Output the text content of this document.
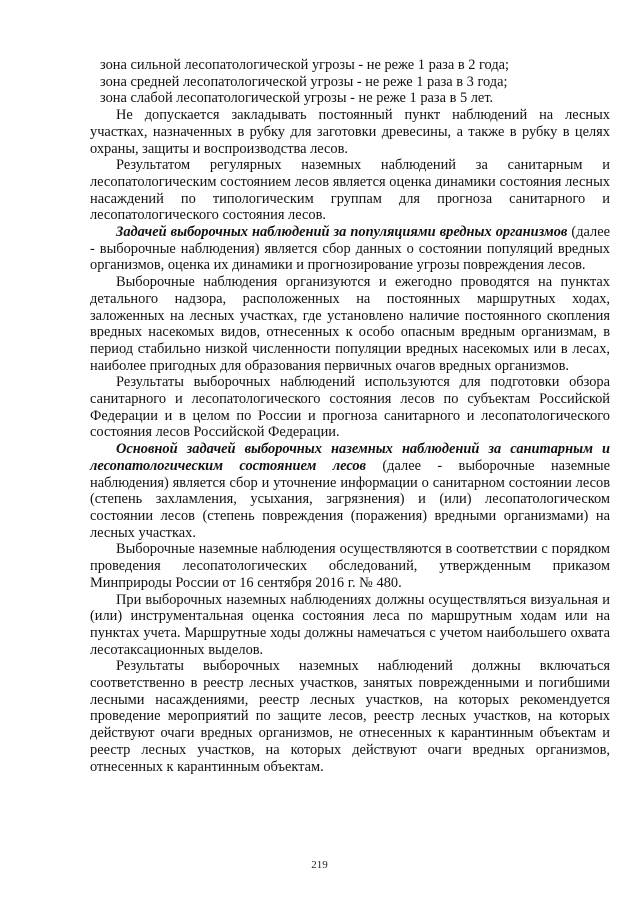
зона сильной лесопатологической угрозы - не реже 1 раза в 2 года;

зона средней лесопатологической угрозы - не реже 1 раза в 3 года;

зона слабой лесопатологической угрозы - не реже 1 раза в 5 лет.

Не допускается закладывать постоянный пункт наблюдений на лесных участках, назначенных в рубку для заготовки древесины, а также в рубку в целях охраны, защиты и воспроизводства лесов.

Результатом регулярных наземных наблюдений за санитарным и лесопатологическим состоянием лесов является оценка динамики состояния лесных насаждений по типологическим группам для прогноза санитарного и лесопатологического состояния лесов.

Задачей выборочных наблюдений за популяциями вредных организмов (далее - выборочные наблюдения) является сбор данных о состоянии популяций вредных организмов, оценка их динамики и прогнозирование угрозы повреждения лесов.

Выборочные наблюдения организуются и ежегодно проводятся на пунктах детального надзора, расположенных на постоянных маршрутных ходах, заложенных на лесных участках, где установлено наличие постоянного скопления вредных насекомых видов, отнесенных к особо опасным вредным организмам, в период стабильно низкой численности популяции вредных насекомых или в лесах, наиболее пригодных для образования первичных очагов вредных организмов.

Результаты выборочных наблюдений используются для подготовки обзора санитарного и лесопатологического состояния лесов по субъектам Российской Федерации и в целом по России и прогноза санитарного и лесопатологического состояния лесов Российской Федерации.

Основной задачей выборочных наземных наблюдений за санитарным и лесопатологическим состоянием лесов (далее - выборочные наземные наблюдения) является сбор и уточнение информации о санитарном состоянии лесов (степень захламления, усыхания, загрязнения) и (или) лесопатологическом состоянии лесов (степень повреждения (поражения) вредными организмами) на лесных участках.

Выборочные наземные наблюдения осуществляются в соответствии с порядком проведения лесопатологических обследований, утвержденным приказом Минприроды России от 16 сентября 2016 г. № 480.

При выборочных наземных наблюдениях должны осуществляться визуальная и (или) инструментальная оценка состояния леса по маршрутным ходам или на пунктах учета. Маршрутные ходы должны намечаться с учетом наибольшего охвата лесотаксационных выделов.

Результаты выборочных наземных наблюдений должны включаться соответственно в реестр лесных участков, занятых поврежденными и погибшими лесными насаждениями, реестр лесных участков, на которых рекомендуется проведение мероприятий по защите лесов, реестр лесных участков, на которых действуют очаги вредных организмов, не отнесенных к карантинным объектам и реестр лесных участков, на которых действуют очаги вредных организмов, отнесенных к карантинным объектам.

219
